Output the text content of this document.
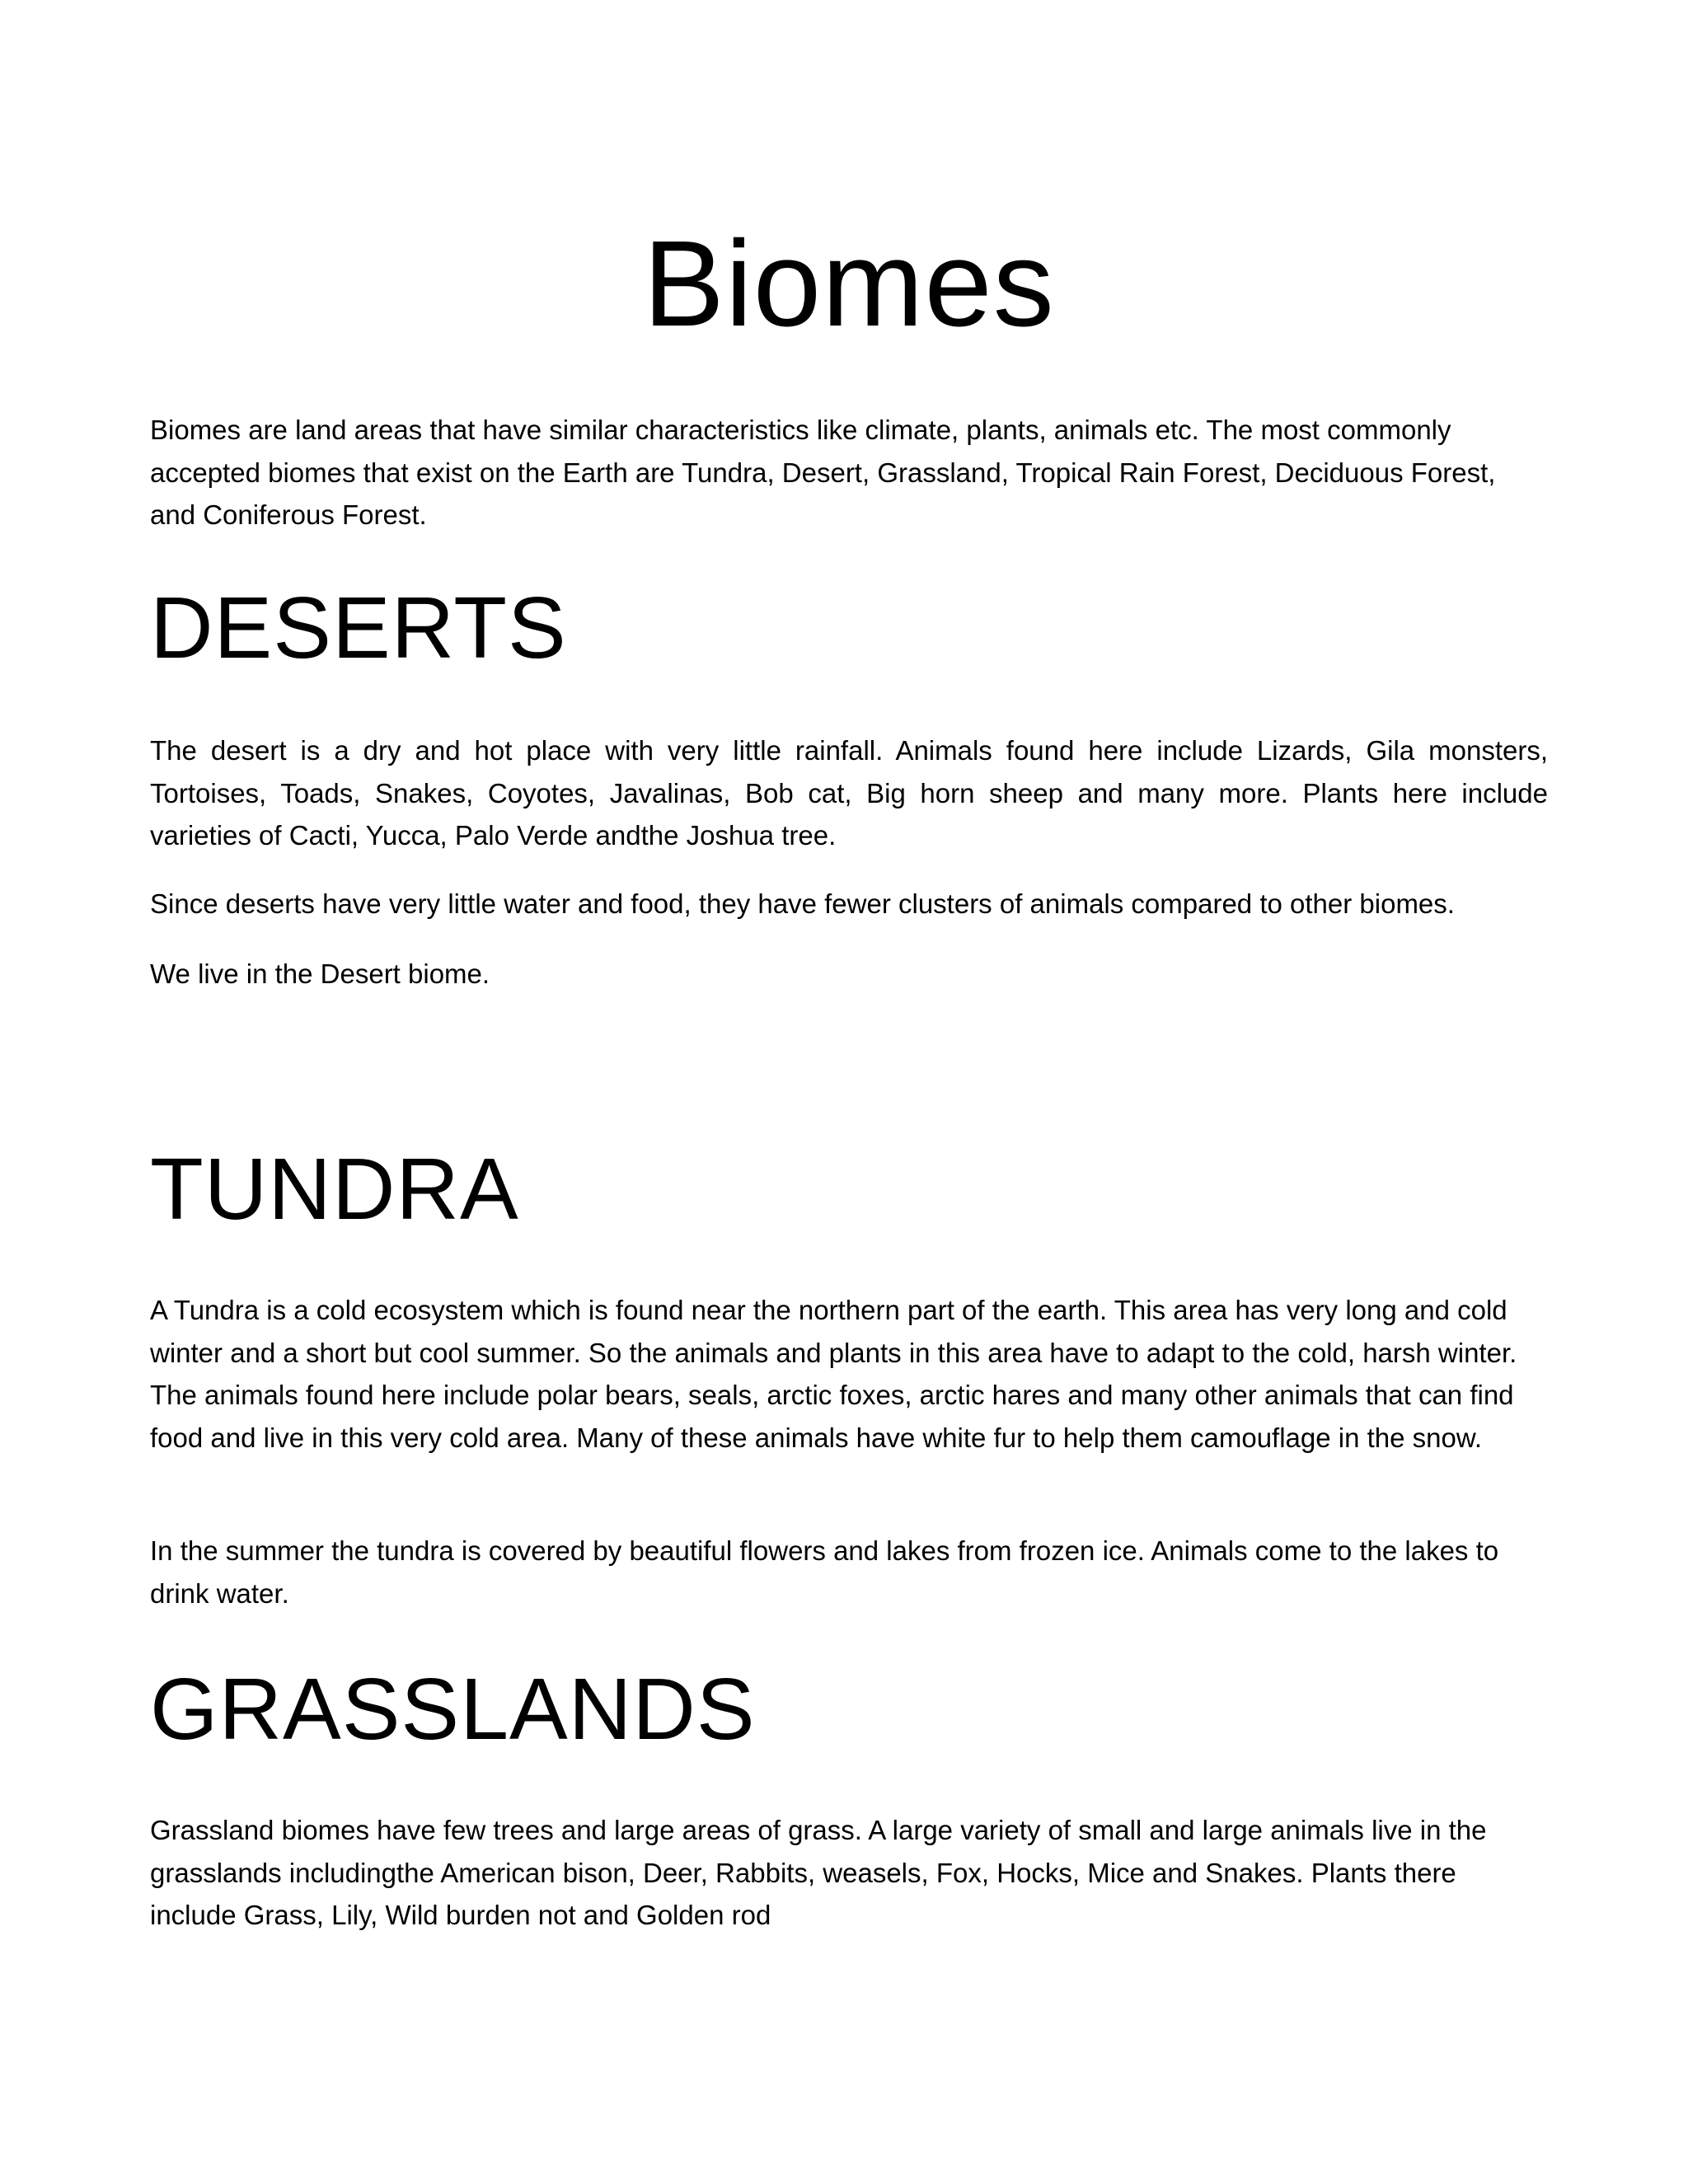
Biomes

Biomes are land areas that have similar characteristics like climate, plants, animals etc. The most commonly accepted biomes that exist on the Earth are Tundra, Desert, Grassland, Tropical Rain Forest, Deciduous Forest, and Coniferous Forest.

DESERTS

The desert is a dry and hot place with very little rainfall. Animals found here include Lizards, Gila monsters, Tortoises, Toads, Snakes, Coyotes, Javalinas, Bob cat, Big horn sheep and many more. Plants here include varieties of Cacti, Yucca, Palo Verde andthe Joshua tree.

Since deserts have very little water and food, they have fewer clusters of animals compared to other biomes.

We live in the Desert biome.

TUNDRA

A Tundra is a cold ecosystem which is found near the northern part of the earth. This area has very long and cold winter and a short but cool summer. So the animals and plants in this area have to adapt to the cold, harsh winter. The animals found here include polar bears, seals, arctic foxes, arctic hares and many other animals that can find food and live in this very cold area. Many of these animals have white fur to help them camouflage in the snow.

In the summer the tundra is covered by beautiful flowers and lakes from frozen ice. Animals come to the lakes to drink water.

GRASSLANDS

Grassland biomes have few trees and large areas of grass. A large variety of small and large animals live in the grasslands includingthe American bison, Deer, Rabbits, weasels, Fox, Hocks, Mice and Snakes. Plants there include Grass, Lily, Wild burden not and Golden rod
